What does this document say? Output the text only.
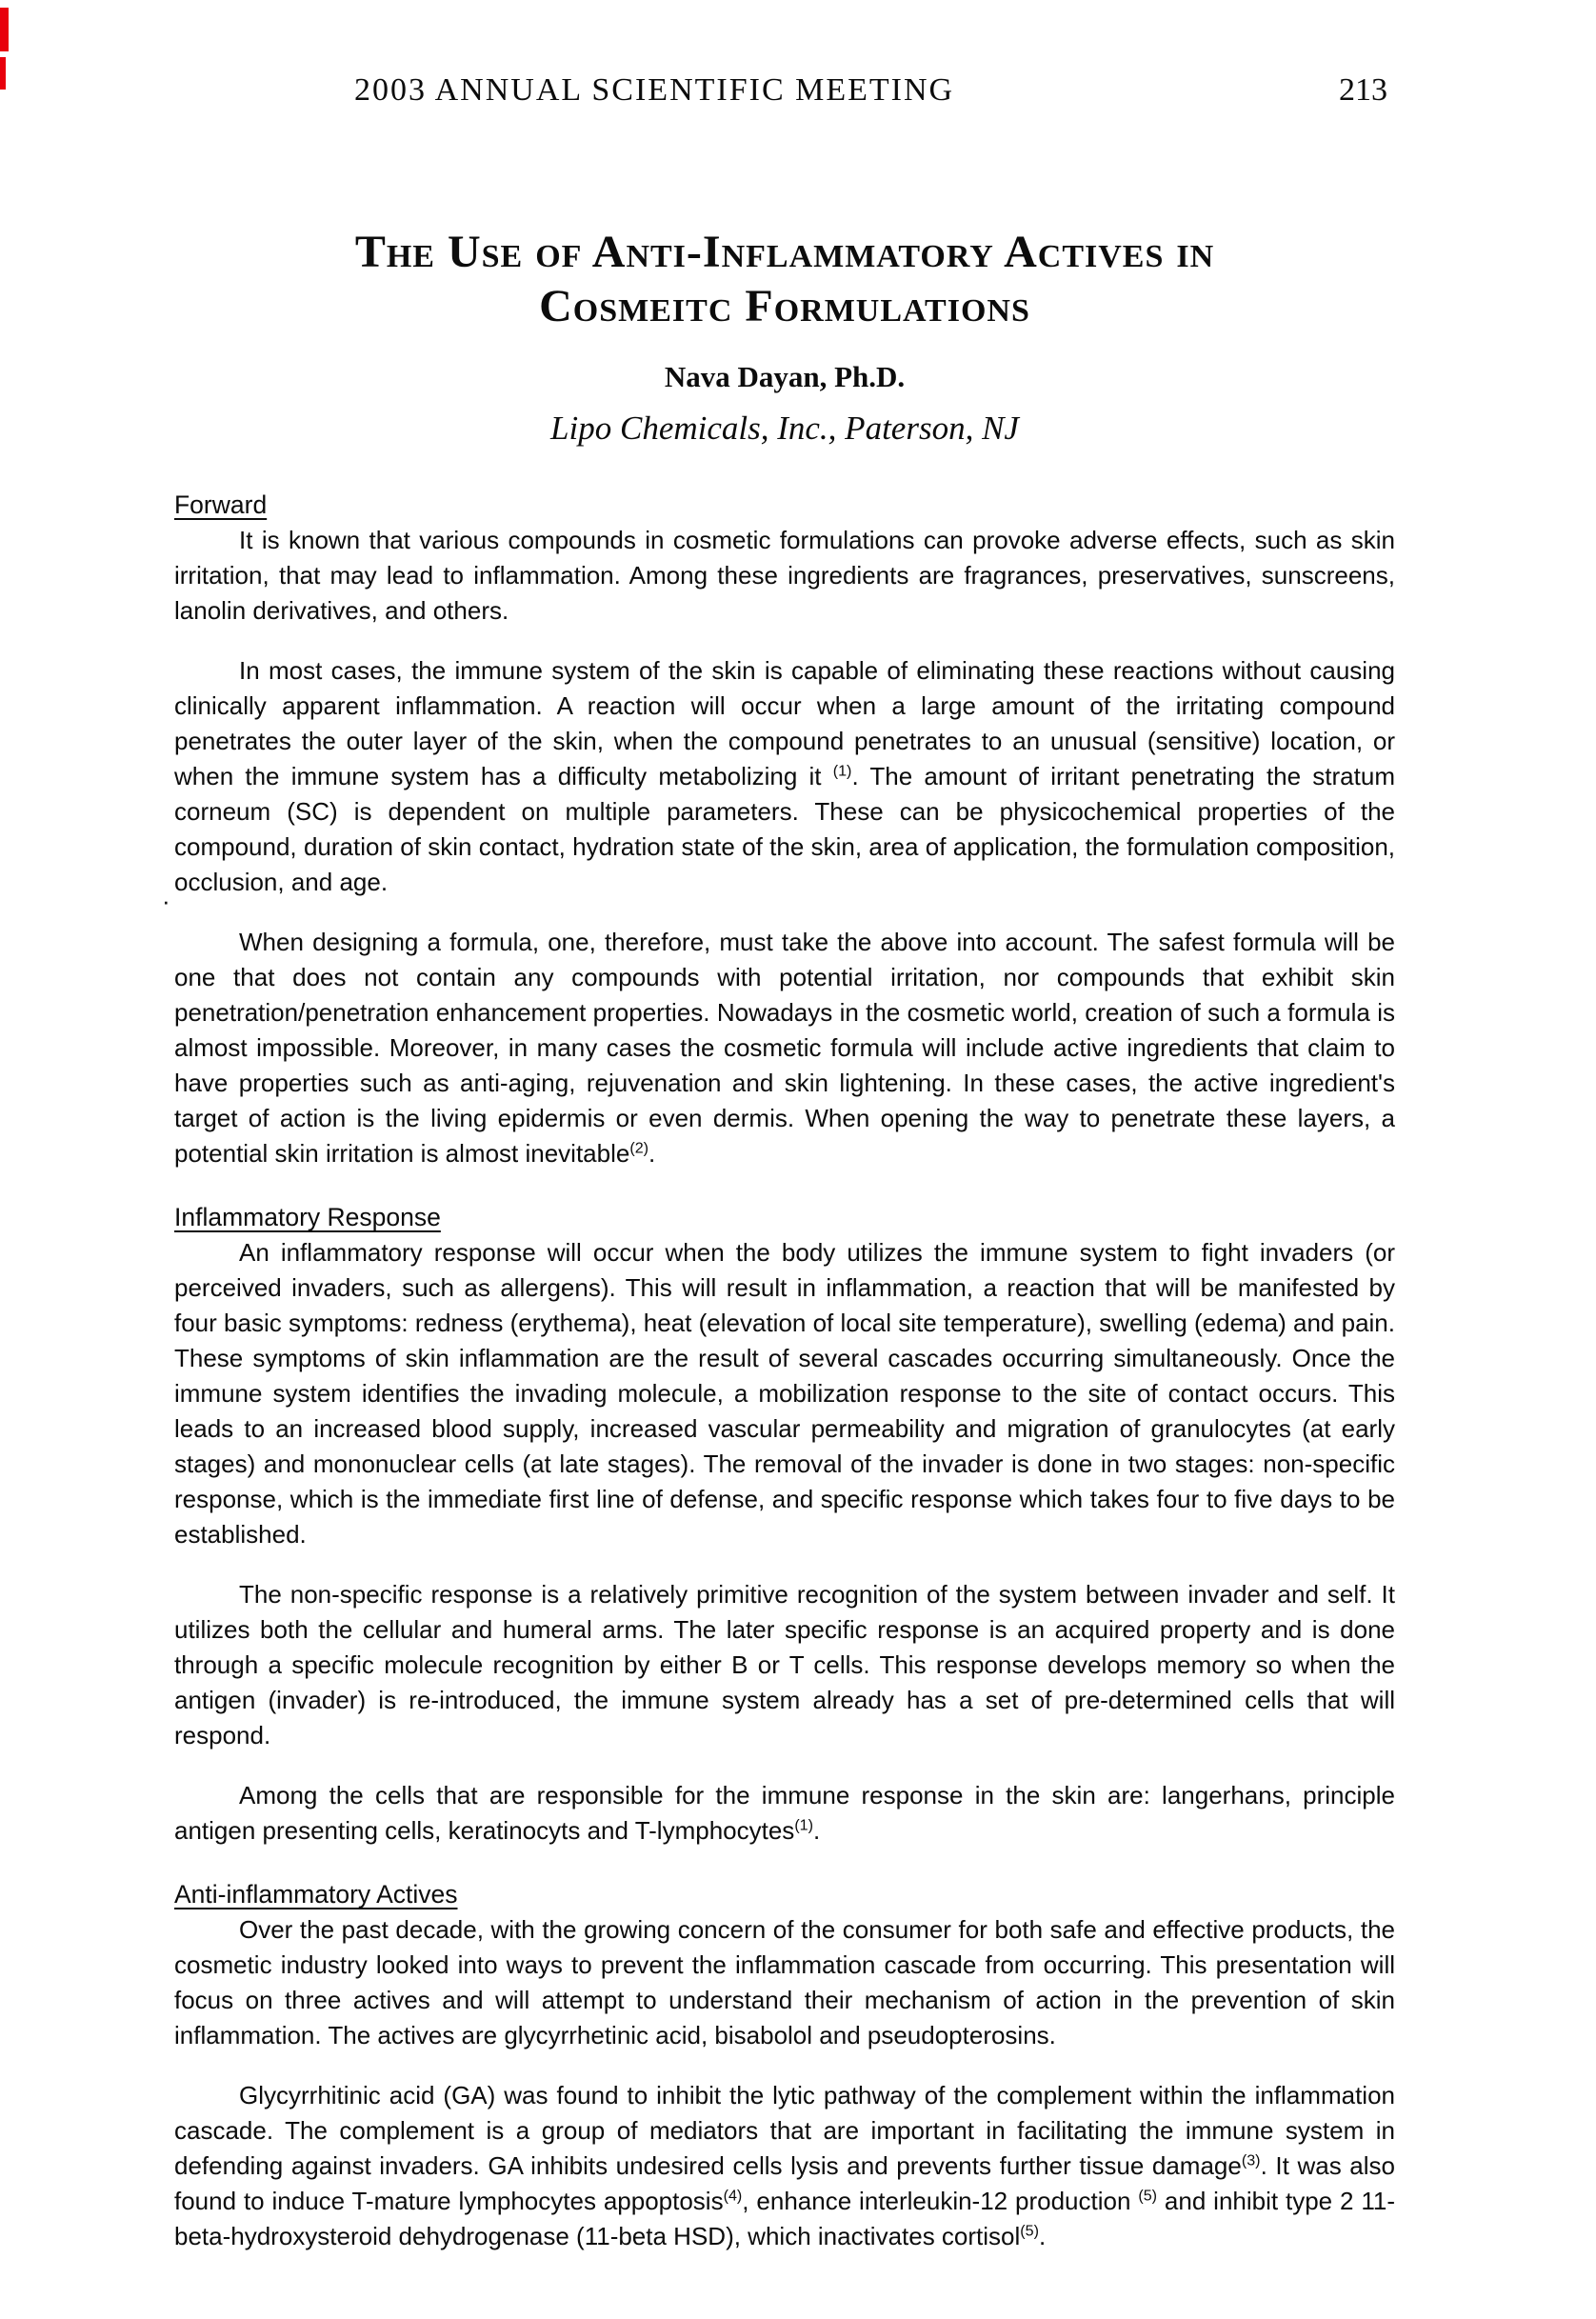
2003 ANNUAL SCIENTIFIC MEETING	213
The Use of Anti-Inflammatory Actives in
Cosmeitc Formulations
Nava Dayan, Ph.D.
Lipo Chemicals, Inc., Paterson, NJ
Forward

It is known that various compounds in cosmetic formulations can provoke adverse effects, such as skin irritation, that may lead to inflammation. Among these ingredients are fragrances, preservatives, sunscreens, lanolin derivatives, and others.

In most cases, the immune system of the skin is capable of eliminating these reactions without causing clinically apparent inflammation. A reaction will occur when a large amount of the irritating compound penetrates the outer layer of the skin, when the compound penetrates to an unusual (sensitive) location, or when the immune system has a difficulty metabolizing it $^{(1)}$. The amount of irritant penetrating the stratum corneum (SC) is dependent on multiple parameters. These can be physicochemical properties of the compound, duration of skin contact, hydration state of the skin, area of application, the formulation composition, occlusion, and age.

When designing a formula, one, therefore, must take the above into account. The safest formula will be one that does not contain any compounds with potential irritation, nor compounds that exhibit skin penetration/penetration enhancement properties. Nowadays in the cosmetic world, creation of such a formula is almost impossible. Moreover, in many cases the cosmetic formula will include active ingredients that claim to have properties such as anti-aging, rejuvenation and skin lightening. In these cases, the active ingredient's target of action is the living epidermis or even dermis. When opening the way to penetrate these layers, a potential skin irritation is almost inevitable$^{(2)}$.

Inflammatory Response

An inflammatory response will occur when the body utilizes the immune system to fight invaders (or perceived invaders, such as allergens). This will result in inflammation, a reaction that will be manifested by four basic symptoms: redness (erythema), heat (elevation of local site temperature), swelling (edema) and pain. These symptoms of skin inflammation are the result of several cascades occurring simultaneously. Once the immune system identifies the invading molecule, a mobilization response to the site of contact occurs. This leads to an increased blood supply, increased vascular permeability and migration of granulocytes (at early stages) and mononuclear cells (at late stages). The removal of the invader is done in two stages: non-specific response, which is the immediate first line of defense, and specific response which takes four to five days to be established.

The non-specific response is a relatively primitive recognition of the system between invader and self. It utilizes both the cellular and humeral arms. The later specific response is an acquired property and is done through a specific molecule recognition by either B or T cells. This response develops memory so when the antigen (invader) is re-introduced, the immune system already has a set of pre-determined cells that will respond.

Among the cells that are responsible for the immune response in the skin are: langerhans, principle antigen presenting cells, keratinocyts and T-lymphocytes$^{(1)}$.

Anti-inflammatory Actives

Over the past decade, with the growing concern of the consumer for both safe and effective products, the cosmetic industry looked into ways to prevent the inflammation cascade from occurring. This presentation will focus on three actives and will attempt to understand their mechanism of action in the prevention of skin inflammation. The actives are glycyrrhetinic acid, bisabolol and pseudopterosins.

Glycyrrhitinic acid (GA) was found to inhibit the lytic pathway of the complement within the inflammation cascade. The complement is a group of mediators that are important in facilitating the immune system in defending against invaders. GA inhibits undesired cells lysis and prevents further tissue damage$^{(3)}$. It was also found to induce T-mature lymphocytes appoptosis$^{(4)}$, enhance interleukin-12 production $^{(5)}$ and inhibit type 2 11-beta-hydroxysteroid dehydrogenase (11-beta HSD), which inactivates cortisol$^{(5)}$.

·
